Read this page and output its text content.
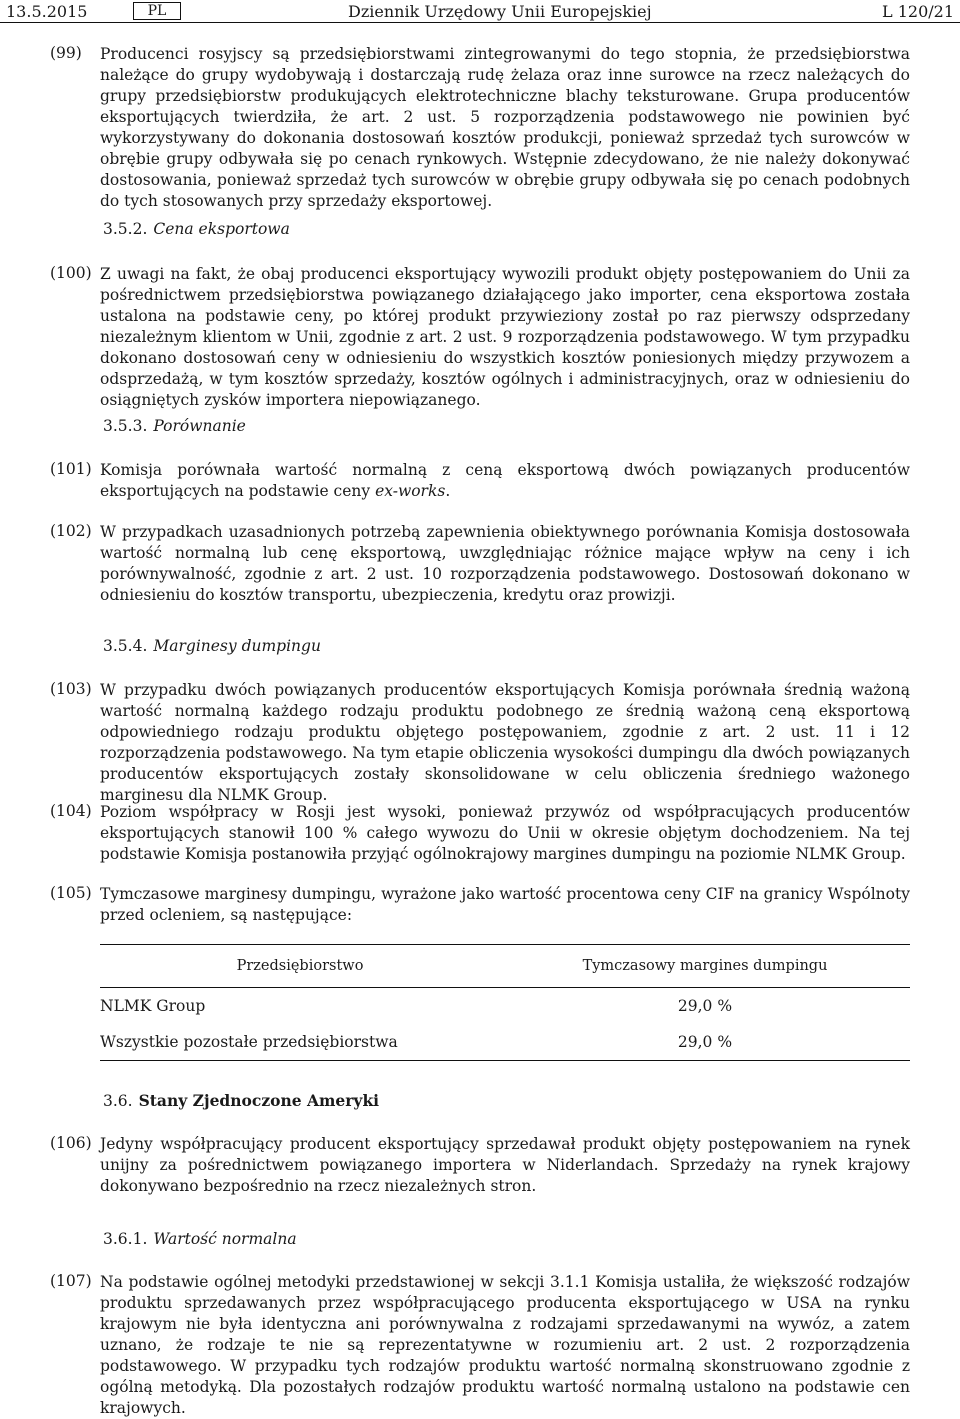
13.5.2015	PL	Dziennik Urzędowy Unii Europejskiej	L 120/21
(99) Producenci rosyjscy są przedsiębiorstwami zintegrowanymi do tego stopnia, że przedsiębiorstwa należące do grupy wydobywają i dostarczają rudę żelaza oraz inne surowce na rzecz należących do grupy przedsiębiorstw produkujących elektrotechniczne blachy teksturowane. Grupa producentów eksportujących twierdziła, że art. 2 ust. 5 rozporządzenia podstawowego nie powinien być wykorzystywany do dokonania dostosowań kosztów produkcji, ponieważ sprzedaż tych surowców w obrębie grupy odbywała się po cenach rynkowych. Wstępnie zdecydowano, że nie należy dokonywać dostosowania, ponieważ sprzedaż tych surowców w obrębie grupy odbywała się po cenach podobnych do tych stosowanych przy sprzedaży eksportowej.

3.5.2. Cena eksportowa
(100) Z uwagi na fakt, że obaj producenci eksportujący wywozili produkt objęty postępowaniem do Unii za pośrednictwem przedsiębiorstwa powiązanego działającego jako importer, cena eksportowa została ustalona na podstawie ceny, po której produkt przywieziony został po raz pierwszy odsprzedany niezależnym klientom w Unii, zgodnie z art. 2 ust. 9 rozporządzenia podstawowego. W tym przypadku dokonano dostosowań ceny w odniesieniu do wszystkich kosztów poniesionych między przywozem a odsprzedażą, w tym kosztów sprzedaży, kosztów ogólnych i administracyjnych, oraz w odniesieniu do osiągniętych zysków importera niepowiązanego.

3.5.3. Porównanie
(101) Komisja porównała wartość normalną z ceną eksportową dwóch powiązanych producentów eksportujących na podstawie ceny ex-works.

(102) W przypadkach uzasadnionych potrzebą zapewnienia obiektywnego porównania Komisja dostosowała wartość normalną lub cenę eksportową, uwzględniając różnice mające wpływ na ceny i ich porównywalność, zgodnie z art. 2 ust. 10 rozporządzenia podstawowego. Dostosowań dokonano w odniesieniu do kosztów transportu, ubezpieczenia, kredytu oraz prowizji.

3.5.4. Marginesy dumpingu
(103) W przypadku dwóch powiązanych producentów eksportujących Komisja porównała średnią ważoną wartość normalną każdego rodzaju produktu podobnego ze średnią ważoną ceną eksportową odpowiedniego rodzaju produktu objętego postępowaniem, zgodnie z art. 2 ust. 11 i 12 rozporządzenia podstawowego. Na tym etapie obliczenia wysokości dumpingu dla dwóch powiązanych producentów eksportujących zostały skonsolidowane w celu obliczenia średniego ważonego marginesu dla NLMK Group.

(104) Poziom współpracy w Rosji jest wysoki, ponieważ przywóz od współpracujących producentów eksportujących stanowił 100 % całego wywozu do Unii w okresie objętym dochodzeniem. Na tej podstawie Komisja postanowiła przyjąć ogólnokrajowy margines dumpingu na poziomie NLMK Group.

(105) Tymczasowe marginesy dumpingu, wyrażone jako wartość procentowa ceny CIF na granicy Wspólnoty przed ocleniem, są następujące:

Przedsiębiorstwo	Tymczasowy margines dumpingu
NLMK Group	29,0 %
Wszystkie pozostałe przedsiębiorstwa	29,0 %
3.6. Stany Zjednoczone Ameryki
(106) Jedyny współpracujący producent eksportujący sprzedawał produkt objęty postępowaniem na rynek unijny za pośrednictwem powiązanego importera w Niderlandach. Sprzedaży na rynek krajowy dokonywano bezpośrednio na rzecz niezależnych stron.

3.6.1. Wartość normalna
(107) Na podstawie ogólnej metodyki przedstawionej w sekcji 3.1.1 Komisja ustaliła, że większość rodzajów produktu sprzedawanych przez współpracującego producenta eksportującego w USA na rynku krajowym nie była identyczna ani porównywalna z rodzajami sprzedawanymi na wywóz, a zatem uznano, że rodzaje te nie są reprezentatywne w rozumieniu art. 2 ust. 2 rozporządzenia podstawowego. W przypadku tych rodzajów produktu wartość normalną skonstruowano zgodnie z ogólną metodyką. Dla pozostałych rodzajów produktu wartość normalną ustalono na podstawie cen krajowych.
